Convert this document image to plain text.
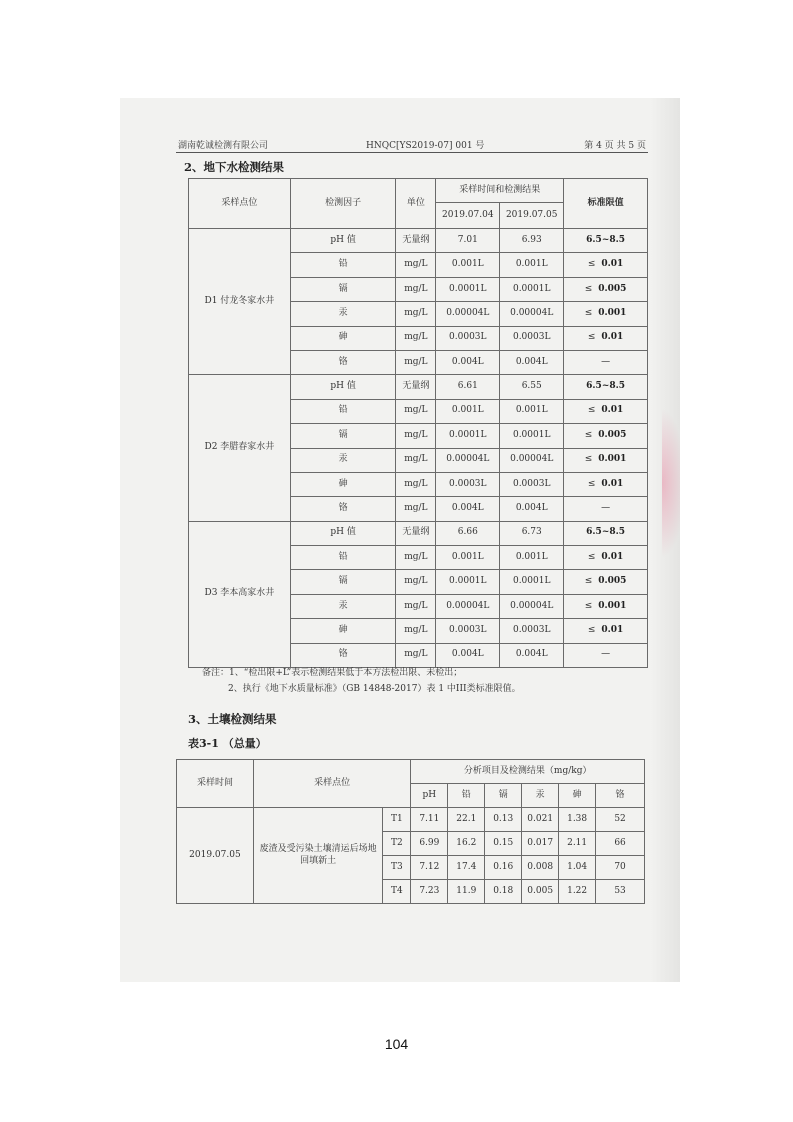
湖南乾诚检测有限公司	HNQC[YS2019-07] 001 号	第 4 页 共 5 页
2、地下水检测结果
采样点位	检测因子	单位	采样时间和检测结果		标准限值
			2019.07.04	2019.07.05	
D1 付龙冬家水井	pH 值	无量纲	7.01	6.93	6.5~8.5
	铅	mg/L	0.001L	0.001L	≤ 0.01
	镉	mg/L	0.0001L	0.0001L	≤ 0.005
	汞	mg/L	0.00004L	0.00004L	≤ 0.001
	砷	mg/L	0.0003L	0.0003L	≤ 0.01
	铬	mg/L	0.004L	0.004L	—
D2 李腊春家水井	pH 值	无量纲	6.61	6.55	6.5~8.5
	铅	mg/L	0.001L	0.001L	≤ 0.01
	镉	mg/L	0.0001L	0.0001L	≤ 0.005
	汞	mg/L	0.00004L	0.00004L	≤ 0.001
	砷	mg/L	0.0003L	0.0003L	≤ 0.01
	铬	mg/L	0.004L	0.004L	—
D3 李本高家水井	pH 值	无量纲	6.66	6.73	6.5~8.5
	铅	mg/L	0.001L	0.001L	≤ 0.01
	镉	mg/L	0.0001L	0.0001L	≤ 0.005
	汞	mg/L	0.00004L	0.00004L	≤ 0.001
	砷	mg/L	0.0003L	0.0003L	≤ 0.01
	铬	mg/L	0.004L	0.004L	—
备注：1、“检出限+L”表示检测结果低于本方法检出限、未检出；
2、执行《地下水质量标准》（GB 14848-2017）表 1 中III类标准限值。
3、土壤检测结果
表3-1 （总量）
采样时间	采样点位		分析项目及检测结果（mg/kg）					
			pH	铅	镉	汞	砷	铬
2019.07.05	废渣及受污染土壤清运后场地回填新土	T1	7.11	22.1	0.13	0.021	1.38	52
		T2	6.99	16.2	0.15	0.017	2.11	66
		T3	7.12	17.4	0.16	0.008	1.04	70
		T4	7.23	11.9	0.18	0.005	1.22	53
104
